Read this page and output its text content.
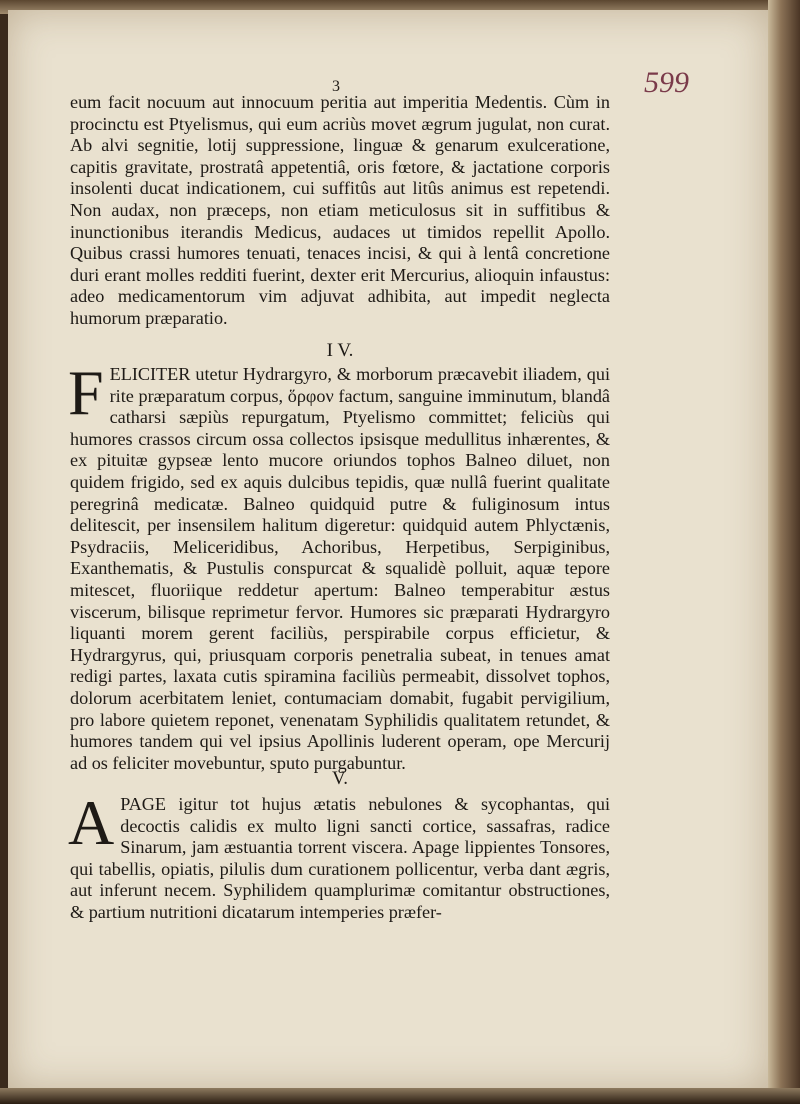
3	599
eum facit nocuum aut innocuum peritia aut imperitia Medentis. Cùm in procinctu est Ptyelismus, qui eum acriùs movet ægrum jugulat, non curat. Ab alvi segnitie, lotij suppressione, linguæ & genarum exulceratione, capitis gravitate, prostratâ appetentiâ, oris fœtore, & jactatione corporis insolenti ducat indicationem, cui suffitûs aut litûs animus est repetendi. Non audax, non præceps, non etiam meticulosus sit in suffitibus & inunctionibus iterandis Medicus, audaces ut timidos repellit Apollo. Quibus crassi humores tenuati, tenaces incisi, & qui à lentâ concretione duri erant molles redditi fuerint, dexter erit Mercurius, alioquin infaustus: adeo medicamentorum vim adjuvat adhibita, aut impedit neglecta humorum præparatio.
I V.
FELICITER utetur Hydrargyro, & morborum præcavebit iliadem, qui rite præparatum corpus, ὅρφον factum, sanguine imminutum, blandâ catharsi sæpiùs repurgatum, Ptyelismo committet; feliciùs qui humores crassos circum ossa collectos ipsisque medullitus inhærentes, & ex pituitæ gypseæ lento mucore oriundos tophos Balneo diluet, non quidem frigido, sed ex aquis dulcibus tepidis, quæ nullâ fuerint qualitate peregrinâ medicatæ. Balneo quidquid putre & fuliginosum intus delitescit, per insensilem halitum digeretur: quidquid autem Phlyctænis, Psydraciis, Meliceridibus, Achoribus, Herpetibus, Serpiginibus, Exanthematis, & Pustulis conspurcat & squalidè polluit, aquæ tepore mitescet, fluoriique reddetur apertum: Balneo temperabitur æstus viscerum, bilisque reprimetur fervor. Humores sic præparati Hydrargyro liquanti morem gerent faciliùs, perspirabile corpus efficietur, & Hydrargyrus, qui, priusquam corporis penetralia subeat, in tenues amat redigi partes, laxata cutis spiramina faciliùs permeabit, dissolvet tophos, dolorum acerbitatem leniet, contumaciam domabit, fugabit pervigilium, pro labore quietem reponet, venenatam Syphilidis qualitatem retundet, & humores tandem qui vel ipsius Apollinis luderent operam, ope Mercurij ad os feliciter movebuntur, sputo purgabuntur.
V.
APAGE igitur tot hujus ætatis nebulones & sycophantas, qui decoctis calidis ex multo ligni sancti cortice, sassafras, radice Sinarum, jam æstuantia torrent viscera. Apage lippientes Tonsores, qui tabellis, opiatis, pilulis dum curationem pollicentur, verba dant ægris, aut inferunt necem. Syphilidem quamplurimæ comitantur obstructiones, & partium nutritioni dicatarum intemperies præfer-
